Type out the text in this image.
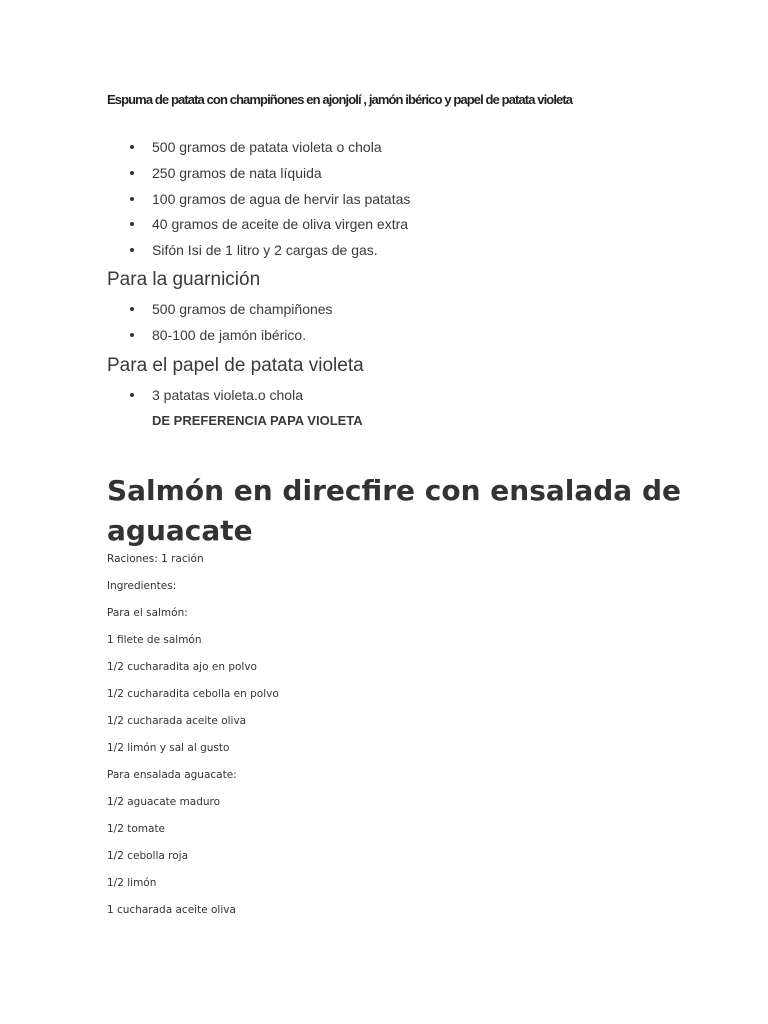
Espuma de patata con champiñones en ajonjolí , jamón ibérico y papel de patata violeta
500 gramos de patata violeta o chola
250 gramos de nata líquida
100 gramos de agua de hervir las patatas
40 gramos de aceite de oliva virgen extra
Sifón Isi de 1 litro y 2 cargas de gas.
Para la guarnición
500 gramos de champiñones
80-100 de jamón ibérico.
Para el papel de patata violeta
3 patatas violeta.o chola
DE PREFERENCIA PAPA VIOLETA
Salmón en direcfire con ensalada de aguacate
Raciones: 1 ración
Ingredientes:
Para el salmón:
1 filete de salmón
1/2 cucharadita ajo en polvo
1/2 cucharadita cebolla en polvo
1/2 cucharada aceite oliva
1/2 limón y sal al gusto
Para ensalada aguacate:
1/2 aguacate maduro
1/2 tomate
1/2 cebolla roja
1/2 limón
1 cucharada aceite oliva
